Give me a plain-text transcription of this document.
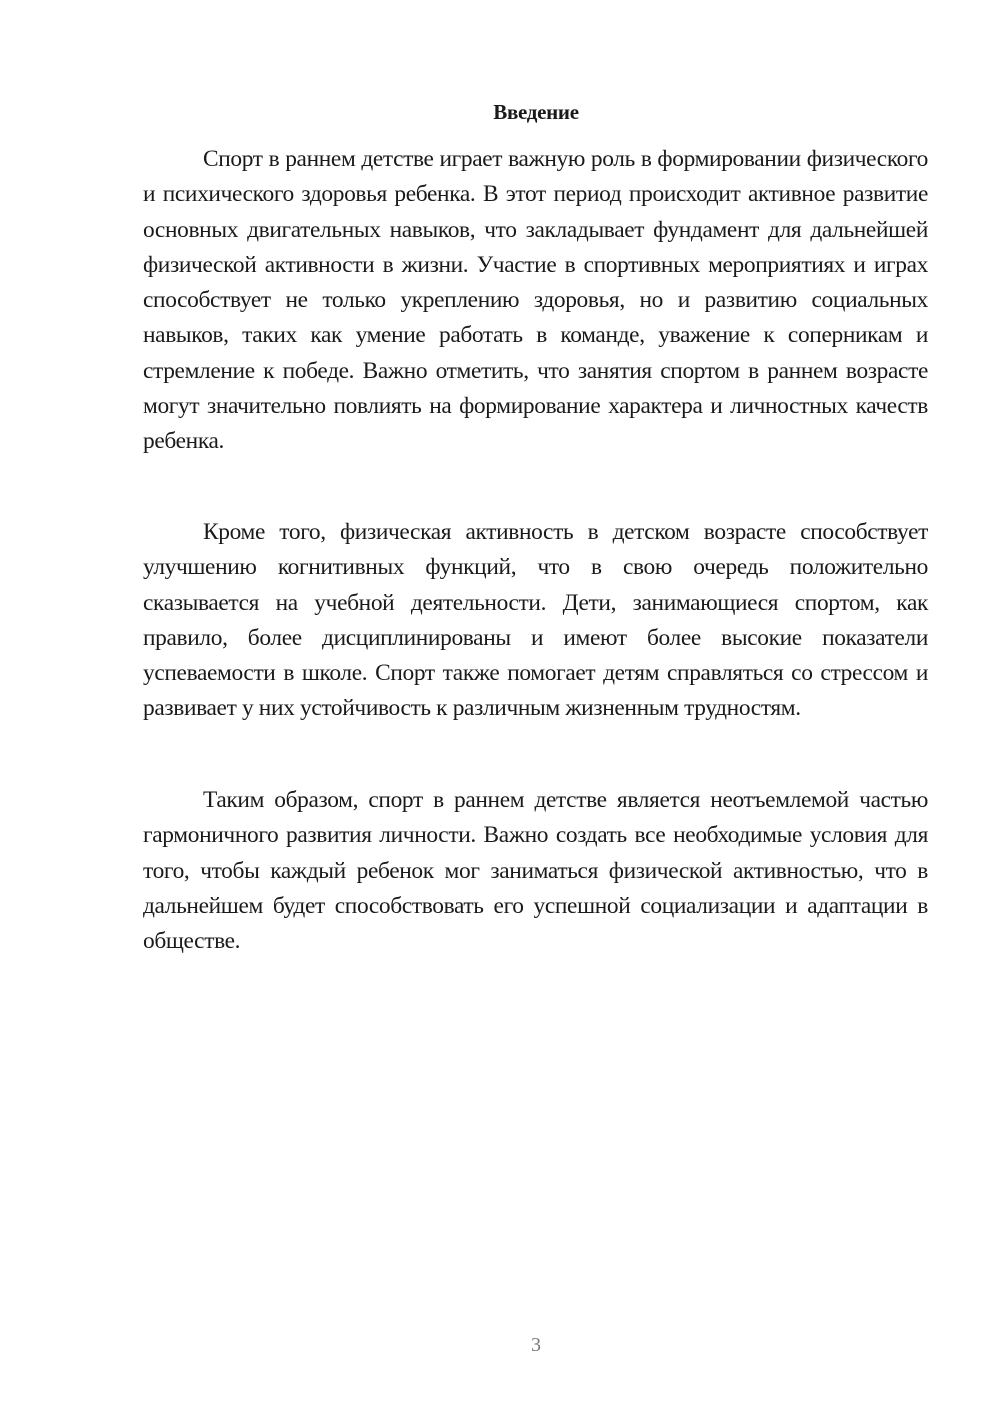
Введение

Спорт в раннем детстве играет важную роль в формировании физического и психического здоровья ребенка. В этот период происходит активное развитие основных двигательных навыков, что закладывает фундамент для дальнейшей физической активности в жизни. Участие в спортивных мероприятиях и играх способствует не только укреплению здоровья, но и развитию социальных навыков, таких как умение работать в команде, уважение к соперникам и стремление к победе. Важно отметить, что занятия спортом в раннем возрасте могут значительно повлиять на формирование характера и личностных качеств ребенка.

Кроме того, физическая активность в детском возрасте способствует улучшению когнитивных функций, что в свою очередь положительно сказывается на учебной деятельности. Дети, занимающиеся спортом, как правило, более дисциплинированы и имеют более высокие показатели успеваемости в школе. Спорт также помогает детям справляться со стрессом и развивает у них устойчивость к различным жизненным трудностям.

Таким образом, спорт в раннем детстве является неотъемлемой частью гармоничного развития личности. Важно создать все необходимые условия для того, чтобы каждый ребенок мог заниматься физической активностью, что в дальнейшем будет способствовать его успешной социализации и адаптации в обществе.

3
